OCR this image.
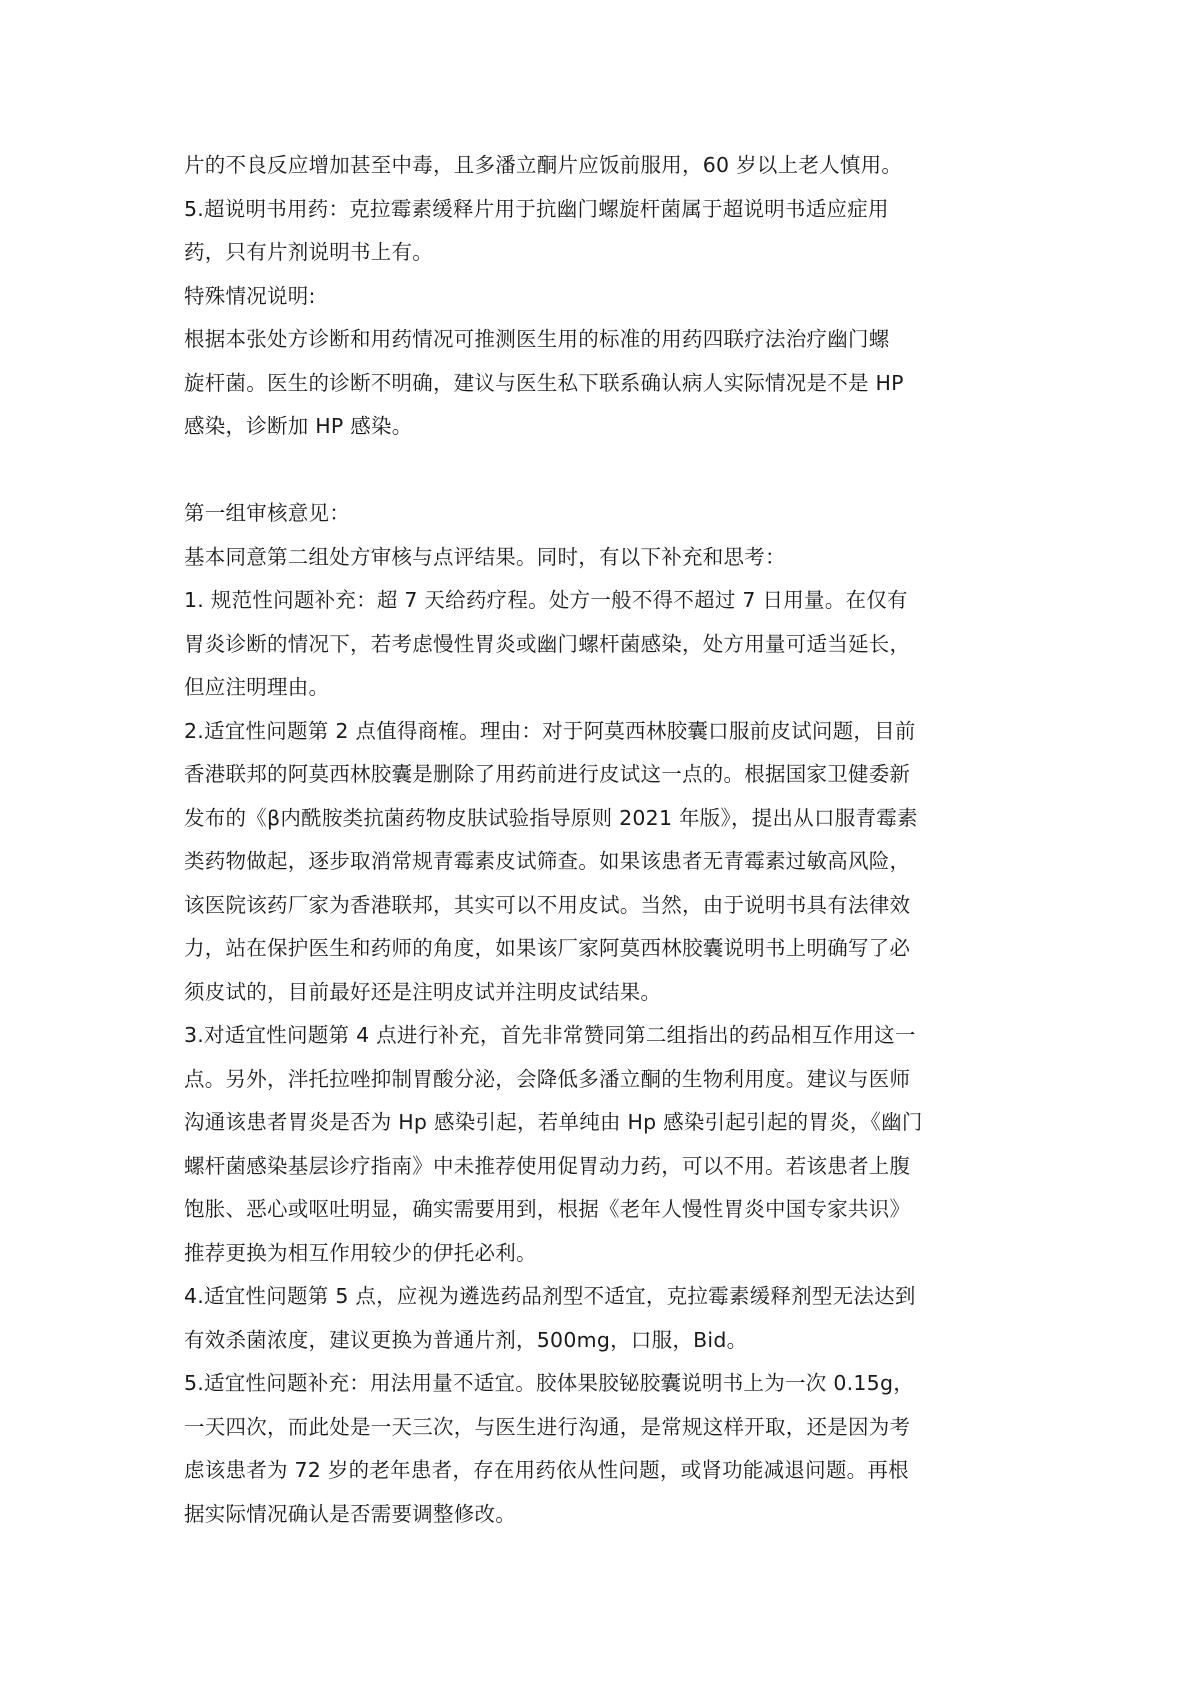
片的不良反应增加甚至中毒，且多潘立酮片应饭前服用，60 岁以上老人慎用。
5.超说明书用药：克拉霉素缓释片用于抗幽门螺旋杆菌属于超说明书适应症用
药，只有片剂说明书上有。
特殊情况说明:
根据本张处方诊断和用药情况可推测医生用的标准的用药四联疗法治疗幽门螺
旋杆菌。医生的诊断不明确，建议与医生私下联系确认病人实际情况是不是 HP
感染，诊断加 HP 感染。
第一组审核意见：
基本同意第二组处方审核与点评结果。同时，有以下补充和思考：
1. 规范性问题补充：超 7 天给药疗程。处方一般不得不超过 7 日用量。在仅有
胃炎诊断的情况下，若考虑慢性胃炎或幽门螺杆菌感染，处方用量可适当延长，
但应注明理由。
2.适宜性问题第 2 点值得商榷。理由：对于阿莫西林胶囊口服前皮试问题，目前
香港联邦的阿莫西林胶囊是删除了用药前进行皮试这一点的。根据国家卫健委新
发布的《β内酰胺类抗菌药物皮肤试验指导原则 2021 年版》，提出从口服青霉素
类药物做起，逐步取消常规青霉素皮试筛查。如果该患者无青霉素过敏高风险，
该医院该药厂家为香港联邦，其实可以不用皮试。当然，由于说明书具有法律效
力，站在保护医生和药师的角度，如果该厂家阿莫西林胶囊说明书上明确写了必
须皮试的，目前最好还是注明皮试并注明皮试结果。
3.对适宜性问题第 4 点进行补充，首先非常赞同第二组指出的药品相互作用这一
点。另外，泮托拉唑抑制胃酸分泌，会降低多潘立酮的生物利用度。建议与医师
沟通该患者胃炎是否为 Hp 感染引起，若单纯由 Hp 感染引起引起的胃炎，《幽门
螺杆菌感染基层诊疗指南》中未推荐使用促胃动力药，可以不用。若该患者上腹
饱胀、恶心或呕吐明显，确实需要用到，根据《老年人慢性胃炎中国专家共识》
推荐更换为相互作用较少的伊托必利。
4.适宜性问题第 5 点，应视为遴选药品剂型不适宜，克拉霉素缓释剂型无法达到
有效杀菌浓度，建议更换为普通片剂，500mg，口服，Bid。
5.适宜性问题补充：用法用量不适宜。胶体果胶铋胶囊说明书上为一次 0.15g，
一天四次，而此处是一天三次，与医生进行沟通，是常规这样开取，还是因为考
虑该患者为 72 岁的老年患者，存在用药依从性问题，或肾功能减退问题。再根
据实际情况确认是否需要调整修改。
